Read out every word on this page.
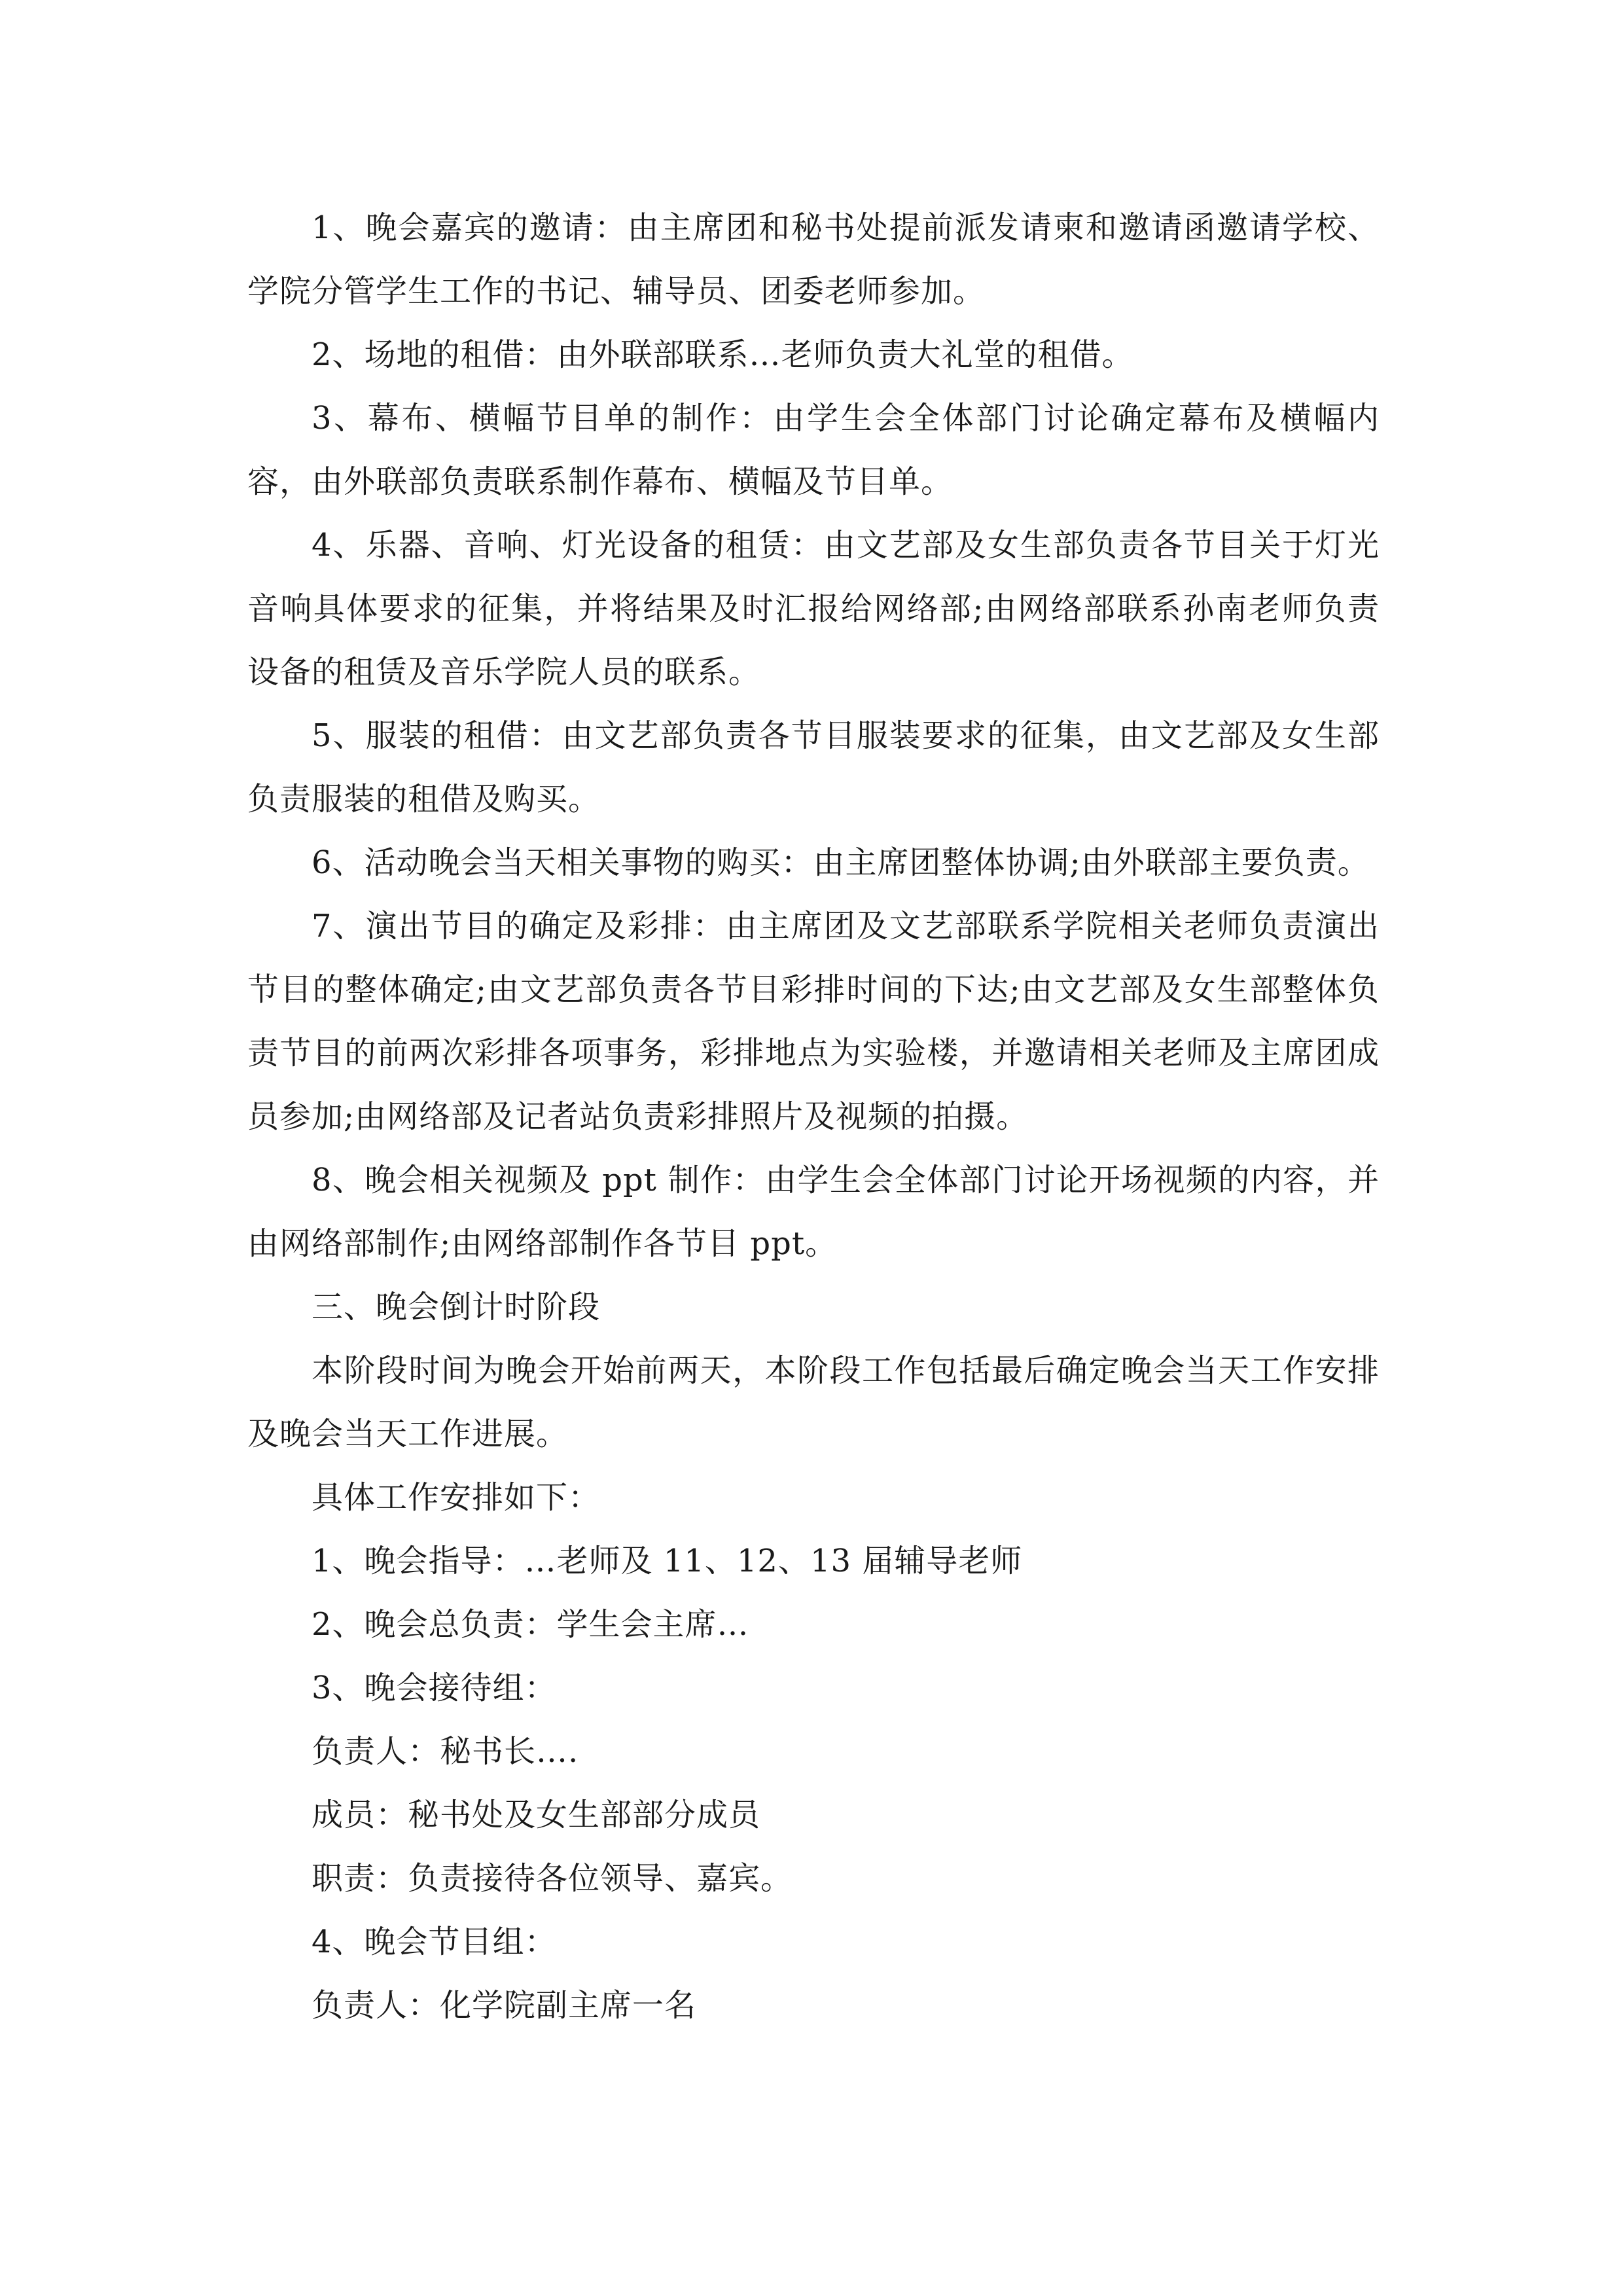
1、晚会嘉宾的邀请：由主席团和秘书处提前派发请柬和邀请函邀请学校、学院分管学生工作的书记、辅导员、团委老师参加。

2、场地的租借：由外联部联系…老师负责大礼堂的租借。

3、幕布、横幅节目单的制作：由学生会全体部门讨论确定幕布及横幅内容，由外联部负责联系制作幕布、横幅及节目单。

4、乐器、音响、灯光设备的租赁：由文艺部及女生部负责各节目关于灯光音响具体要求的征集，并将结果及时汇报给网络部;由网络部联系孙南老师负责设备的租赁及音乐学院人员的联系。

5、服装的租借：由文艺部负责各节目服装要求的征集，由文艺部及女生部负责服装的租借及购买。

6、活动晚会当天相关事物的购买：由主席团整体协调;由外联部主要负责。

7、演出节目的确定及彩排：由主席团及文艺部联系学院相关老师负责演出节目的整体确定;由文艺部负责各节目彩排时间的下达;由文艺部及女生部整体负责节目的前两次彩排各项事务，彩排地点为实验楼，并邀请相关老师及主席团成员参加;由网络部及记者站负责彩排照片及视频的拍摄。

8、晚会相关视频及 ppt 制作：由学生会全体部门讨论开场视频的内容，并由网络部制作;由网络部制作各节目 ppt。

三、晚会倒计时阶段

本阶段时间为晚会开始前两天，本阶段工作包括最后确定晚会当天工作安排及晚会当天工作进展。

具体工作安排如下：

1、晚会指导：…老师及 11、12、13 届辅导老师

2、晚会总负责：学生会主席…

3、晚会接待组：

负责人：秘书长….

成员：秘书处及女生部部分成员

职责：负责接待各位领导、嘉宾。

4、晚会节目组：

负责人：化学院副主席一名
